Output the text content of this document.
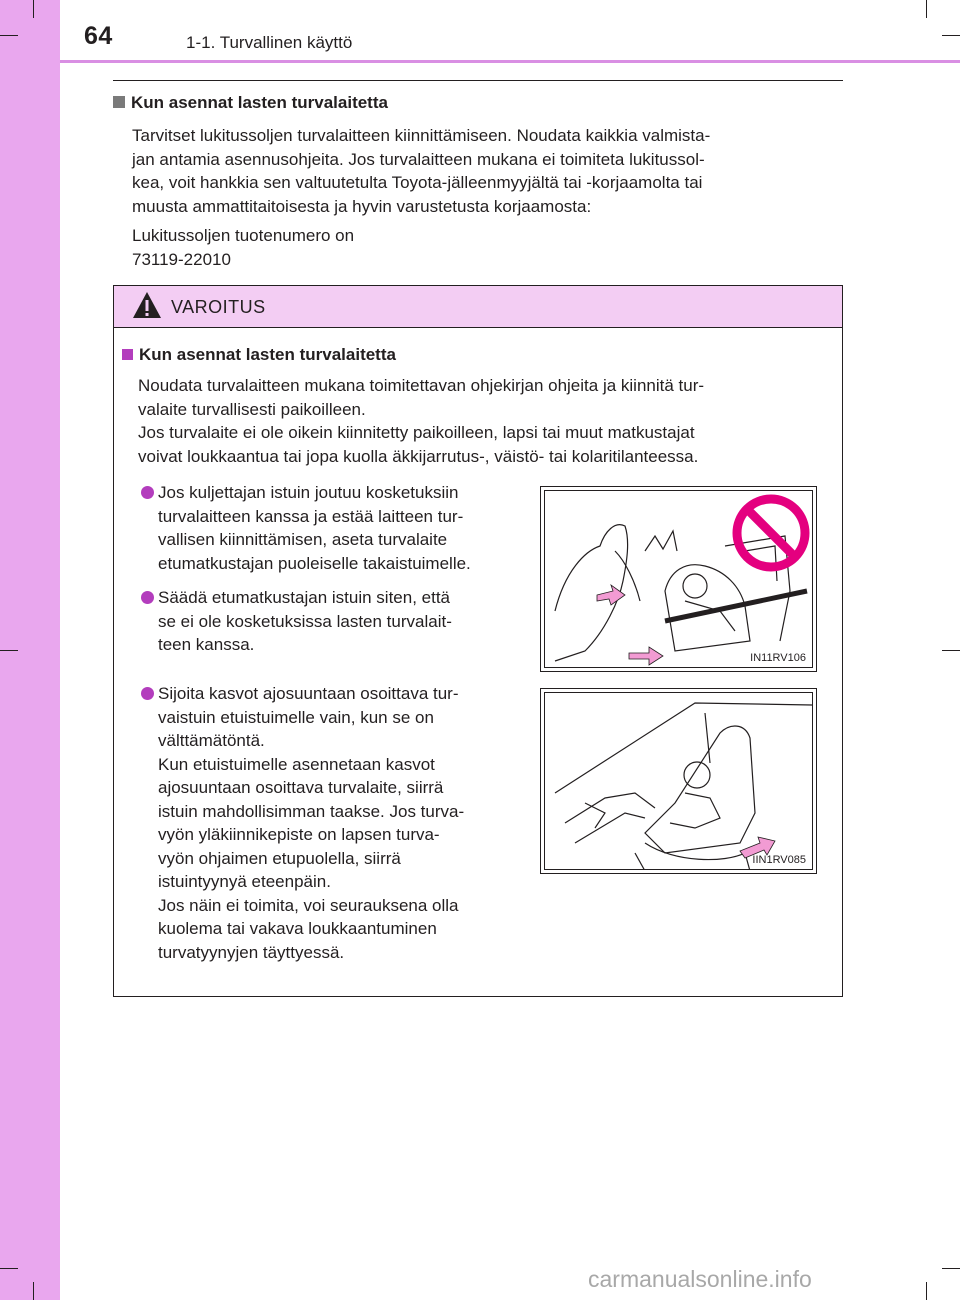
64	1-1. Turvallinen käyttö
Kun asennat lasten turvalaitetta
Tarvitset lukitussoljen turvalaitteen kiinnittämiseen. Noudata kaikkia valmista-
jan antamia asennusohjeita. Jos turvalaitteen mukana ei toimiteta lukitussol-
kea, voit hankkia sen valtuutetulta Toyota-jälleenmyyjältä tai -korjaamolta tai
muusta ammattitaitoisesta ja hyvin varustetusta korjaamosta:
Lukitussoljen tuotenumero on
73119-22010
VAROITUS
Kun asennat lasten turvalaitetta
Noudata turvalaitteen mukana toimitettavan ohjekirjan ohjeita ja kiinnitä tur-
valaite turvallisesti paikoilleen.
Jos turvalaite ei ole oikein kiinnitetty paikoilleen, lapsi tai muut matkustajat
voivat loukkaantua tai jopa kuolla äkkijarrutus-, väistö- tai kolaritilanteessa.
Jos kuljettajan istuin joutuu kosketuksiin
turvalaitteen kanssa ja estää laitteen tur-
vallisen kiinnittämisen, aseta turvalaite
etumatkustajan puoleiselle takaistuimelle.
Säädä etumatkustajan istuin siten, että
se ei ole kosketuksissa lasten turvalait-
teen kanssa.
Sijoita kasvot ajosuuntaan osoittava tur-
vaistuin etuistuimelle vain, kun se on
välttämätöntä.
Kun etuistuimelle asennetaan kasvot
ajosuuntaan osoittava turvalaite, siirrä
istuin mahdollisimman taakse. Jos turva-
vyön yläkiinnikepiste on lapsen turva-
vyön ohjaimen etupuolella, siirrä
istuintyynyä eteenpäin.
Jos näin ei toimita, voi seurauksena olla
kuolema tai vakava loukkaantuminen
turvatyynyjen täyttyessä.
IN11RV106
IIN1RV085
carmanualsonline.info
